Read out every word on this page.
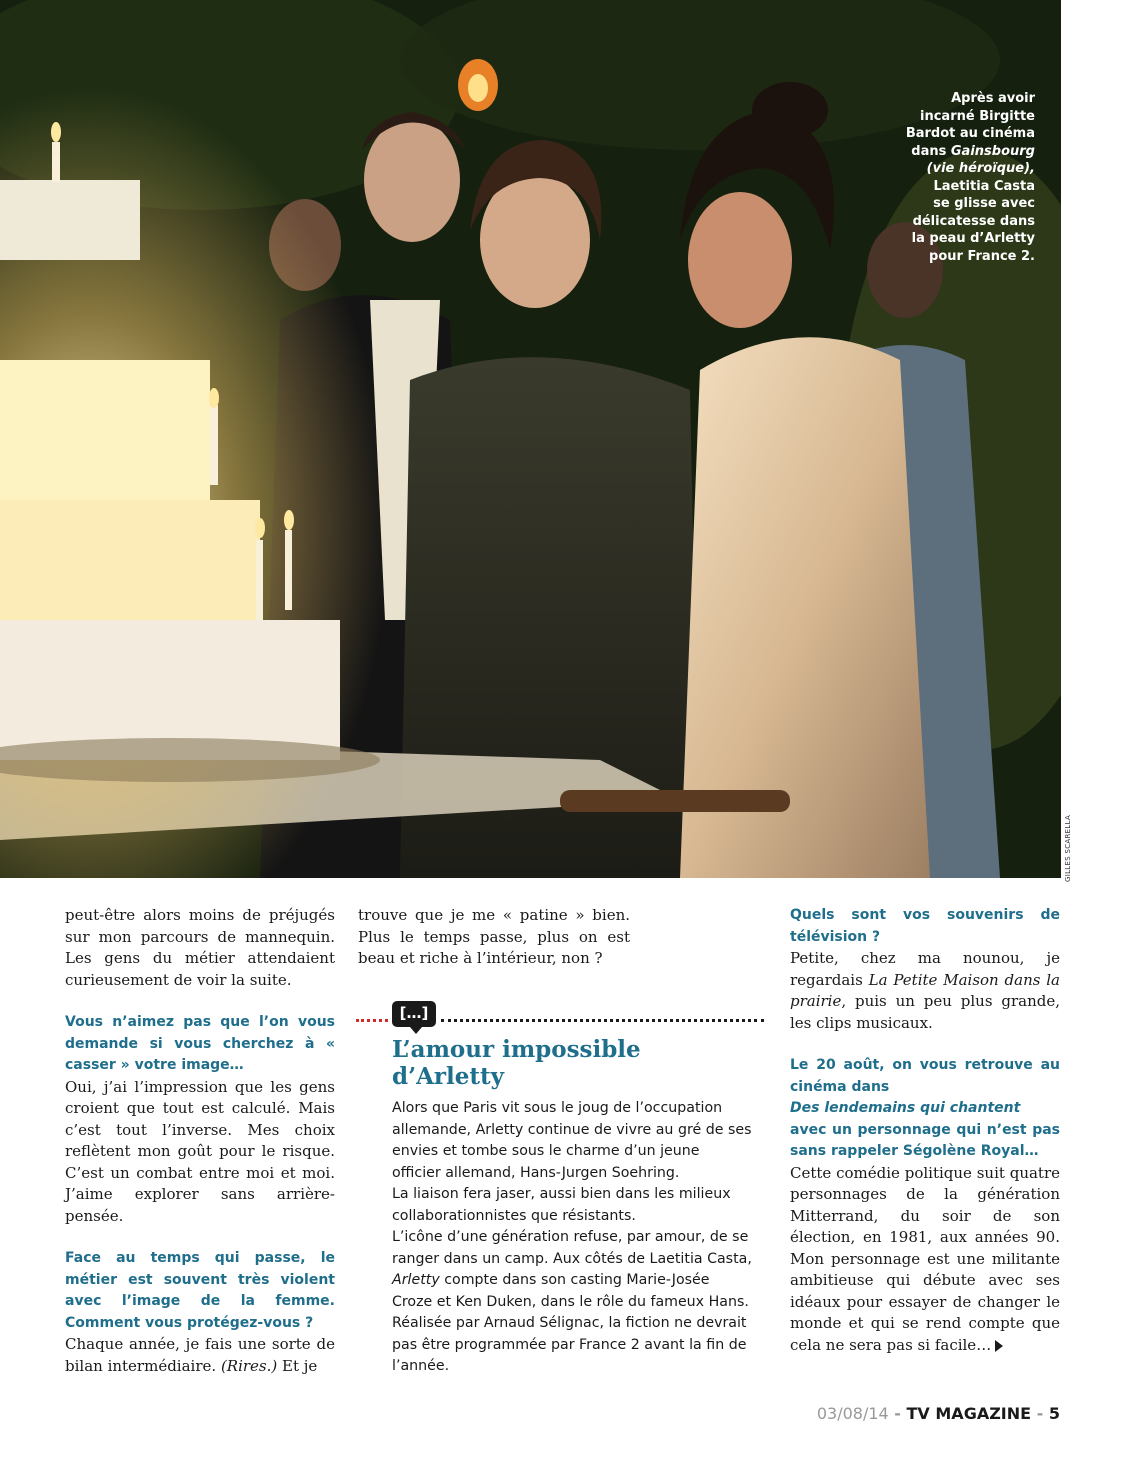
Après avoir
incarné Birgitte
Bardot au cinéma
dans Gainsbourg
(vie héroïque),
Laetitia Casta
se glisse avec
délicatesse dans
la peau d’Arletty
pour France 2.
GILLES SCARELLA

peut-être alors moins de préjugés sur mon parcours de mannequin. Les gens du métier attendaient curieusement de voir la suite.

Vous n’aimez pas que l’on vous demande si vous cherchez à « casser » votre image…

Oui, j’ai l’impression que les gens croient que tout est calculé. Mais c’est tout l’inverse. Mes choix reflètent mon goût pour le risque. C’est un combat entre moi et moi. J’aime explorer sans arrière-pensée.

Face au temps qui passe, le métier est souvent très violent avec l’image de la femme. Comment vous protégez-vous ?

Chaque année, je fais une sorte de bilan intermédiaire. (Rires.) Et je

trouve que je me « patine » bien. Plus le temps passe, plus on est beau et riche à l’intérieur, non ?

[…]
L’amour impossible d’Arletty

Alors que Paris vit sous le joug de l’occupation allemande, Arletty continue de vivre au gré de ses envies et tombe sous le charme d’un jeune officier allemand, Hans-Jurgen Soehring.

La liaison fera jaser, aussi bien dans les milieux collaborationnistes que résistants.

L’icône d’une génération refuse, par amour, de se ranger dans un camp. Aux côtés de Laetitia Casta, Arletty compte dans son casting Marie-Josée Croze et Ken Duken, dans le rôle du fameux Hans. Réalisée par Arnaud Sélignac, la fiction ne devrait pas être programmée par France 2 avant la fin de l’année.

Quels sont vos souvenirs de télévision ?

Petite, chez ma nounou, je regardais La Petite Maison dans la prairie, puis un peu plus grande, les clips musicaux.

Le 20 août, on vous retrouve au cinéma dans
Des lendemains qui chantent
avec un personnage qui n’est pas sans rappeler Ségolène Royal…

Cette comédie politique suit quatre personnages de la génération Mitterrand, du soir de son élection, en 1981, aux années 90. Mon personnage est une militante ambitieuse qui débute avec ses idéaux pour essayer de changer le monde et qui se rend compte que cela ne sera pas si facile…

03/08/14 - TV MAGAZINE - 5
